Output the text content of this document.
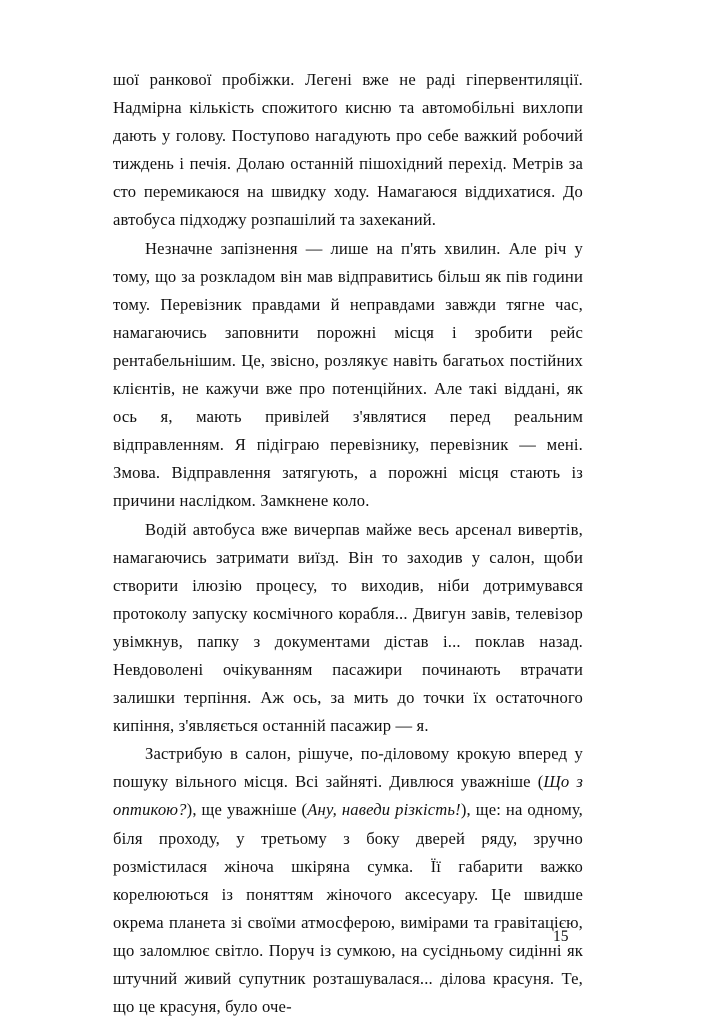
шої ранкової пробіжки. Легені вже не раді гіпервентиляції. Надмірна кількість спожитого кисню та автомобільні вихлопи дають у голову. Поступово нагадують про себе важкий робочий тиждень і печія. Долаю останній пішохідний перехід. Метрів за сто перемикаюся на швидку ходу. Намагаюся віддихатися. До автобуса підходжу розпашілий та захеканий.

Незначне запізнення — лише на п'ять хвилин. Але річ у тому, що за розкладом він мав відправитись більш як пів години тому. Перевізник правдами й неправдами завжди тягне час, намагаючись заповнити порожні місця і зробити рейс рентабельнішим. Це, звісно, розлякує навіть багатьох постійних клієнтів, не кажучи вже про потенційних. Але такі віддані, як ось я, мають привілей з'являтися перед реальним відправленням. Я підіграю перевізнику, перевізник — мені. Змова. Відправлення затягують, а порожні місця стають із причини наслідком. Замкнене коло.

Водій автобуса вже вичерпав майже весь арсенал вивертів, намагаючись затримати виїзд. Він то заходив у салон, щоби створити ілюзію процесу, то виходив, ніби дотримувався протоколу запуску космічного корабля... Двигун завів, телевізор увімкнув, папку з документами дістав і... поклав назад. Невдоволені очікуванням пасажири починають втрачати залишки терпіння. Аж ось, за мить до точки їх остаточного кипіння, з'являється останній пасажир — я.

Застрибую в салон, рішуче, по-діловому крокую вперед у пошуку вільного місця. Всі зайняті. Дивлюся уважніше (Що з оптикою?), ще уважніше (Ану, наведи різкість!), ще: на одному, біля проходу, у третьому з боку дверей ряду, зручно розмістилася жіноча шкіряна сумка. Її габарити важко корелюються із поняттям жіночого аксесуару. Це швидше окрема планета зі своїми атмосферою, вимірами та гравітацією, що заломлює світло. Поруч із сумкою, на сусідньому сидінні як штучний живий супутник розташувалася... ділова красуня. Те, що це красуня, було оче-

15
